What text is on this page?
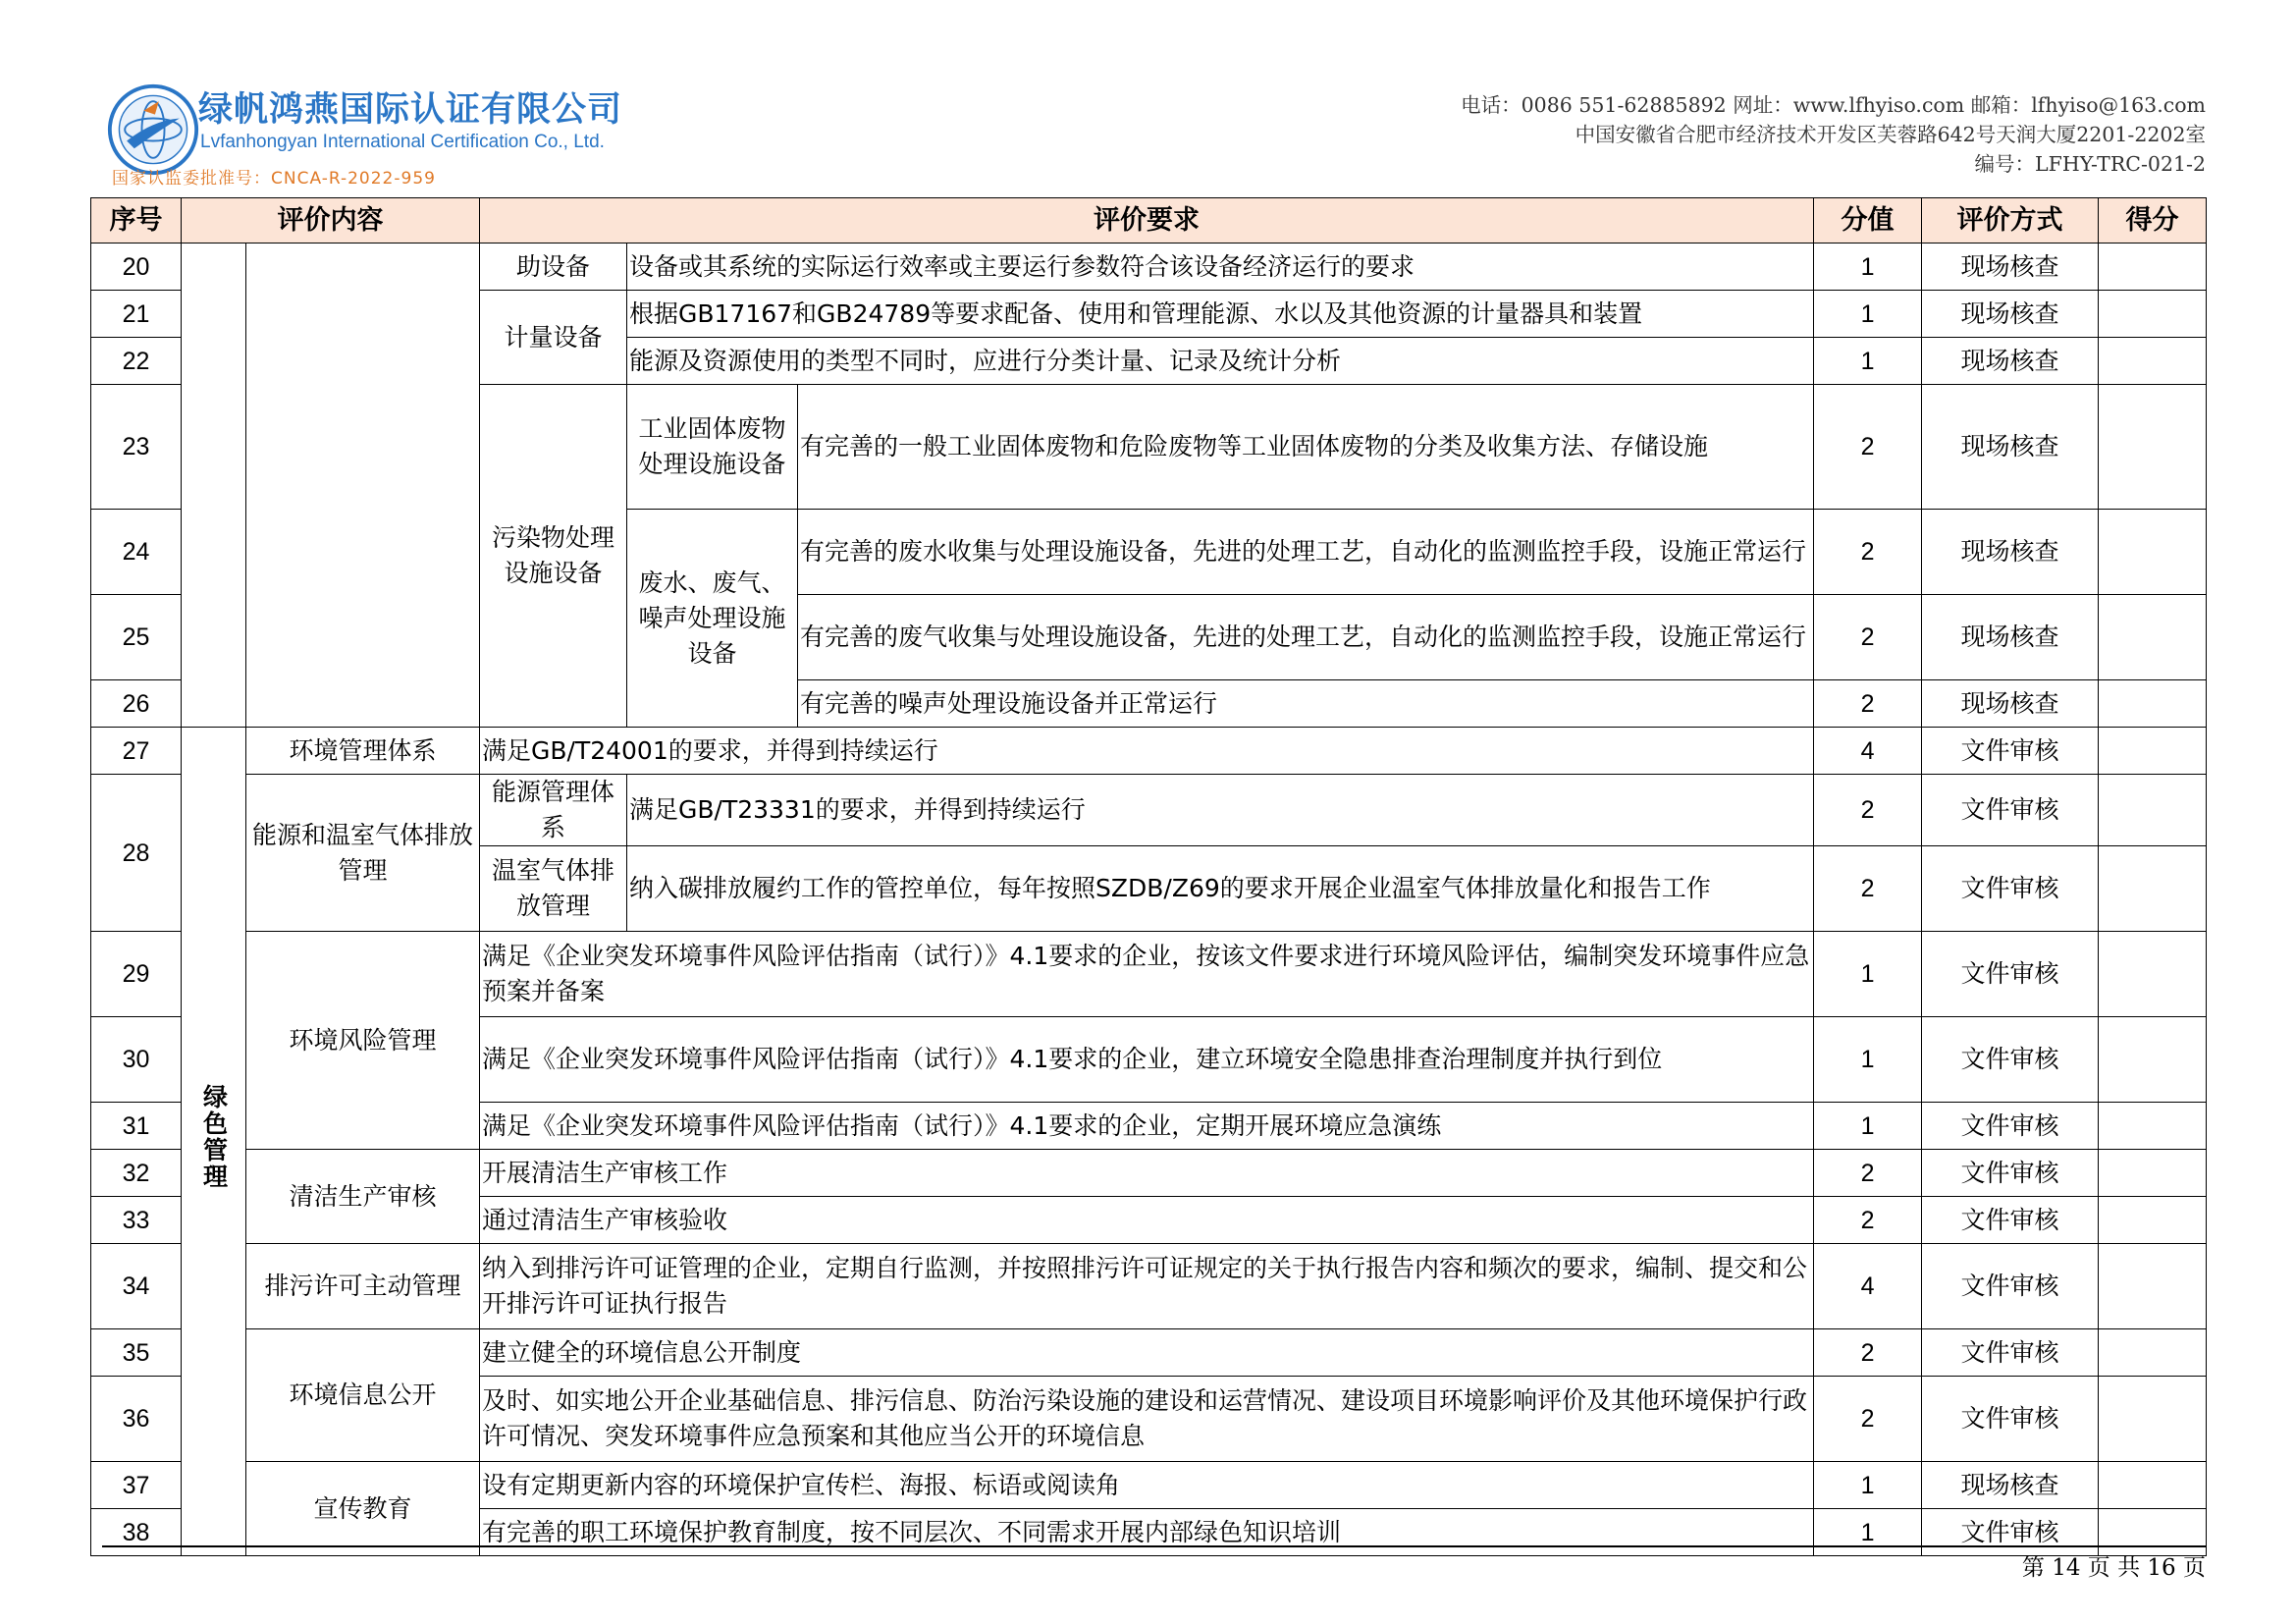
绿帆鸿燕国际认证有限公司
Lvfanhongyan International Certification Co., Ltd.
国家认监委批准号：CNCA-R-2022-959
电话：0086 551-62885892 网址：www.lfhyiso.com 邮箱：lfhyiso@163.com
中国安徽省合肥市经济技术开发区芙蓉路642号天润大厦2201-2202室
编号：LFHY-TRC-021-2
序号	评价内容		评价要求			分值	评价方式	得分
20			助设备	设备或其系统的实际运行效率或主要运行参数符合该设备经济运行的要求		1	现场核查	
21			计量设备	根据GB17167和GB24789等要求配备、使用和管理能源、水以及其他资源的计量器具和装置		1	现场核查	
22				能源及资源使用的类型不同时，应进行分类计量、记录及统计分析		1	现场核查	
23			污染物处理设施设备	工业固体废物处理设施设备	有完善的一般工业固体废物和危险废物等工业固体废物的分类及收集方法、存储设施	2	现场核查	
24				废水、废气、噪声处理设施设备	有完善的废水收集与处理设施设备，先进的处理工艺，自动化的监测监控手段，设施正常运行	2	现场核查	
25					有完善的废气收集与处理设施设备，先进的处理工艺，自动化的监测监控手段，设施正常运行	2	现场核查	
26					有完善的噪声处理设施设备并正常运行	2	现场核查	
27	绿色管理	环境管理体系	满足GB/T24001的要求，并得到持续运行			4	文件审核	
28		能源和温室气体排放管理	能源管理体系	满足GB/T23331的要求，并得到持续运行		2	文件审核	
			温室气体排放管理	纳入碳排放履约工作的管控单位，每年按照SZDB/Z69的要求开展企业温室气体排放量化和报告工作		2	文件审核	
29		环境风险管理	满足《企业突发环境事件风险评估指南（试行）》4.1要求的企业，按该文件要求进行环境风险评估，编制突发环境事件应急预案并备案			1	文件审核	
30			满足《企业突发环境事件风险评估指南（试行）》4.1要求的企业，建立环境安全隐患排查治理制度并执行到位			1	文件审核	
31			满足《企业突发环境事件风险评估指南（试行）》4.1要求的企业，定期开展环境应急演练			1	文件审核	
32		清洁生产审核	开展清洁生产审核工作			2	文件审核	
33			通过清洁生产审核验收			2	文件审核	
34		排污许可主动管理	纳入到排污许可证管理的企业，定期自行监测，并按照排污许可证规定的关于执行报告内容和频次的要求，编制、提交和公开排污许可证执行报告			4	文件审核	
35		环境信息公开	建立健全的环境信息公开制度			2	文件审核	
36			及时、如实地公开企业基础信息、排污信息、防治污染设施的建设和运营情况、建设项目环境影响评价及其他环境保护行政许可情况、突发环境事件应急预案和其他应当公开的环境信息			2	文件审核	
37		宣传教育	设有定期更新内容的环境保护宣传栏、海报、标语或阅读角			1	现场核查	
38			有完善的职工环境保护教育制度，按不同层次、不同需求开展内部绿色知识培训			1	文件审核	
第 14 页 共 16 页
